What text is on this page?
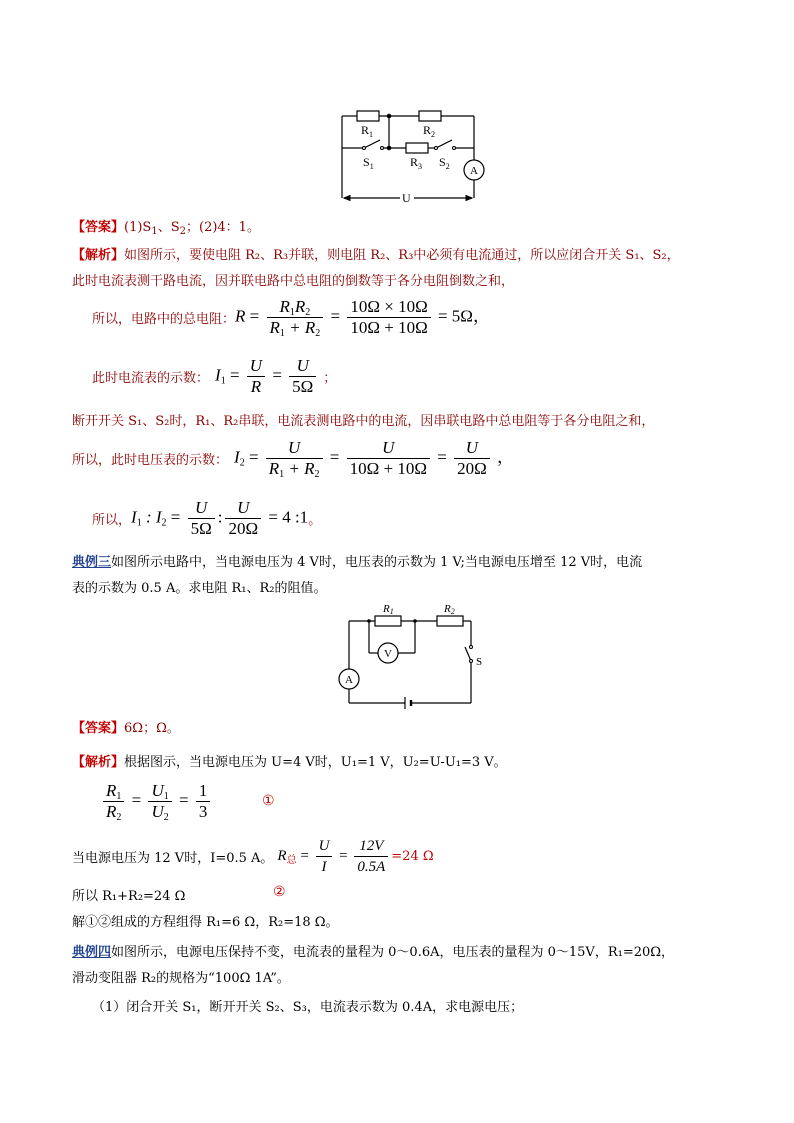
$R_1$	$R_2$
$R_3$
$S_1$	$S_2$ A
U
【答案】$(1)S_1$、$S_2$；(2)4：1。
【解析】如图所示，要使电阻 R₂、R₃并联，则电阻 R₂、R₃中必须有电流通过，所以应闭合开关 S₁、S₂，
此时电流表测干路电流，因并联电路中总电阻的倒数等于各分电阻倒数之和，
所以，电路中的总电阻： $R = \frac{R_1R_2}{R_1 + R_2} = \frac{10\Omega \times 10\Omega}{10\Omega + 10\Omega} = 5\Omega$，
此时电流表的示数： $I_1 = \frac{U}{R} = \frac{U}{5\Omega}$ ；
断开开关 S₁、S₂时，R₁、R₂串联，电流表测电路中的电流，因串联电路中总电阻等于各分电阻之和，
所以，此时电压表的示数： $I_2 = \frac{U}{R_1 + R_2} = \frac{U}{10\Omega + 10\Omega} = \frac{U}{20\Omega}$ ，
所以， $I_1$ : $I_2 = \frac{U}{5\Omega}$ : $\frac{U}{20\Omega} = 4$ :1 。
典例三如图所示电路中，当电源电压为 4 V时，电压表的示数为 1 V;当电源电压增至 12 V时，电流
表的示数为 0.5 A。求电阻 R₁、R₂的阻值。
R1	R2
V
A
S
【答案】6Ω；Ω。
【解析】根据图示，当电源电压为 U=4 V时，U₁=1 V，U₂=U-U₁=3 V。
$\frac{R_1}{R_2} = \frac{U_1}{U_2} = \frac{1}{3}$	①
当电源电压为 12 V时，I=0.5 A。 $R_总 = \frac{U}{I} = \frac{12V}{0.5A} =24$ Ω
所以 R₁+R₂=24 Ω	②
解①②组成的方程组得 R₁=6 Ω，R₂=18 Ω。
典例四如图所示，电源电压保持不变，电流表的量程为 0～0.6A，电压表的量程为 0～15V，R₁=20Ω，
滑动变阻器 R₂的规格为“100Ω 1A”。
（1）闭合开关 S₁，断开开关 S₂、S₃，电流表示数为 0.4A，求电源电压；
